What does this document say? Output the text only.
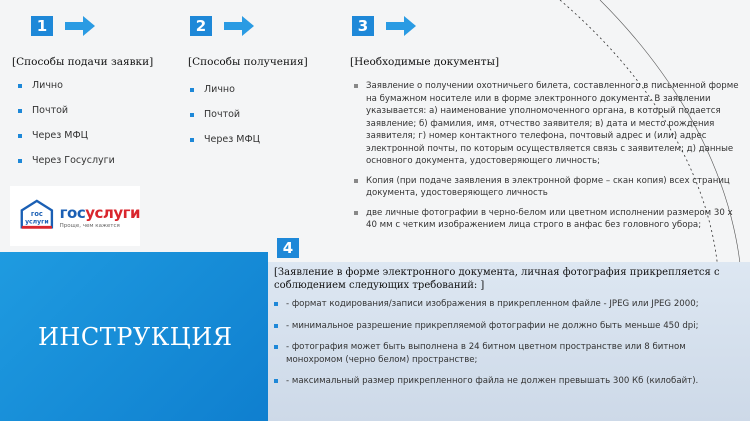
1
[Способы подачи заявки]
Лично
Почтой
Через МФЦ
Через Госуслуги
2
[Способы получения]
Лично
Почтой
Через МФЦ
3
[Необходимые документы]
Заявление о получении охотничьего билета, составленного в письменной форме на бумажном носителе или в форме электронного документа. В заявлении указывается: а) наименование уполномоченного органа, в который подается заявление; б) фамилия, имя, отчество заявителя; в) дата и место рождения заявителя; г) номер контактного телефона, почтовый адрес и (или) адрес электронной почты, по которым осуществляется связь с заявителем; д) данные основного документа, удостоверяющего личность;
Копия (при подаче заявления в электронной форме – скан копия) всех страниц документа, удостоверяющего личность
две личные фотографии в черно-белом или цветном исполнении размером 30 х 40 мм с четким изображением лица строго в анфас без головного убора;
гос
услуги
госуслуги
Проще, чем кажется
ИНСТРУКЦИЯ
4
[Заявление в форме электронного документа, личная фотография прикрепляется с соблюдением следующих требований: ]
- формат кодирования/записи изображения в прикрепленном файле - JPEG или JPEG 2000;
- минимальное разрешение прикрепляемой фотографии не должно быть меньше 450 dpi;
- фотография может быть выполнена в 24 битном цветном пространстве или 8 битном монохромом (черно белом) пространстве;
- максимальный размер прикрепленного файла не должен превышать 300 Кб (килобайт).
